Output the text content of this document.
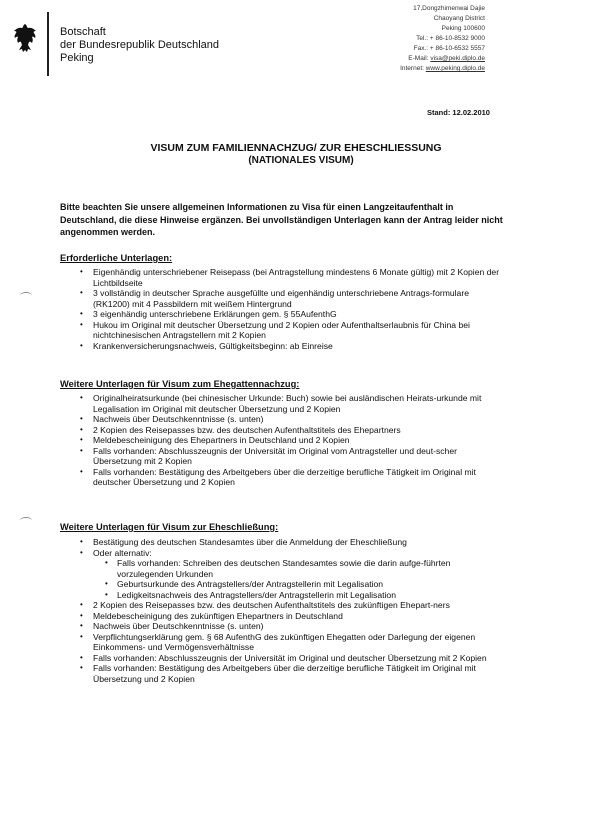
Botschaft
der Bundesrepublik Deutschland
Peking
17,Dongzhimenwai Dajie
Chaoyang District
Peking 100600
Tel.: + 86-10-8532 9000
Fax.: + 86-10-6532 5557
E-Mail: visa@peki.diplo.de
Internet: www.peking.diplo.de
Stand: 12.02.2010
VISUM ZUM FAMILIENNACHZUG/ ZUR EHESCHLIESSUNG
(NATIONALES VISUM)
Bitte beachten Sie unsere allgemeinen Informationen zu Visa für einen Langzeitaufenthalt in Deutschland, die diese Hinweise ergänzen. Bei unvollständigen Unterlagen kann der Antrag leider nicht angenommen werden.
Erforderliche Unterlagen:
• Eigenhändig unterschriebener Reisepass (bei Antragstellung mindestens 6 Monate gültig) mit 2 Kopien der Lichtbildseite
• 3 vollständig in deutscher Sprache ausgefüllte und eigenhändig unterschriebene Antrags-formulare (RK1200) mit 4 Passbildern mit weißem Hintergrund
• 3 eigenhändig unterschriebene Erklärungen gem. § 55AufenthG
• Hukou im Original mit deutscher Übersetzung und 2 Kopien oder Aufenthaltserlaubnis für China bei nichtchinesischen Antragstellern mit 2 Kopien
• Krankenversicherungsnachweis, Gültigkeitsbeginn: ab Einreise
Weitere Unterlagen für Visum zum Ehegattennachzug:
• Originalheiratsurkunde (bei chinesischer Urkunde: Buch) sowie bei ausländischen Heirats-urkunde mit Legalisation im Original mit deutscher Übersetzung und 2 Kopien
• Nachweis über Deutschkenntnisse (s. unten)
• 2 Kopien des Reisepasses bzw. des deutschen Aufenthaltstitels des Ehepartners
• Meldebescheinigung des Ehepartners in Deutschland und 2 Kopien
• Falls vorhanden: Abschlusszeugnis der Universität im Original vom Antragsteller und deut-scher Übersetzung mit 2 Kopien
• Falls vorhanden: Bestätigung des Arbeitgebers über die derzeitige berufliche Tätigkeit im Original mit deutscher Übersetzung und 2 Kopien
Weitere Unterlagen für Visum zur Eheschließung:
• Bestätigung des deutschen Standesamtes über die Anmeldung der Eheschließung
• Oder alternativ:
• Falls vorhanden: Schreiben des deutschen Standesamtes sowie die darin aufge-führten vorzulegenden Urkunden
• Geburtsurkunde des Antragstellers/der Antragstellerin mit Legalisation
• Ledigkeitsnachweis des Antragstellers/der Antragstellerin mit Legalisation
• 2 Kopien des Reisepasses bzw. des deutschen Aufenthaltstitels des zukünftigen Ehepart-ners
• Meldebescheinigung des zukünftigen Ehepartners in Deutschland
• Nachweis über Deutschkenntnisse (s. unten)
• Verpflichtungserklärung gem. § 68 AufenthG des zukünftigen Ehegatten oder Darlegung der eigenen Einkommens- und Vermögensverhältnisse
• Falls vorhanden: Abschlusszeugnis der Universität im Original und deutscher Übersetzung mit 2 Kopien
• Falls vorhanden: Bestätigung des Arbeitgebers über die derzeitige berufliche Tätigkeit im Original mit Übersetzung und 2 Kopien
